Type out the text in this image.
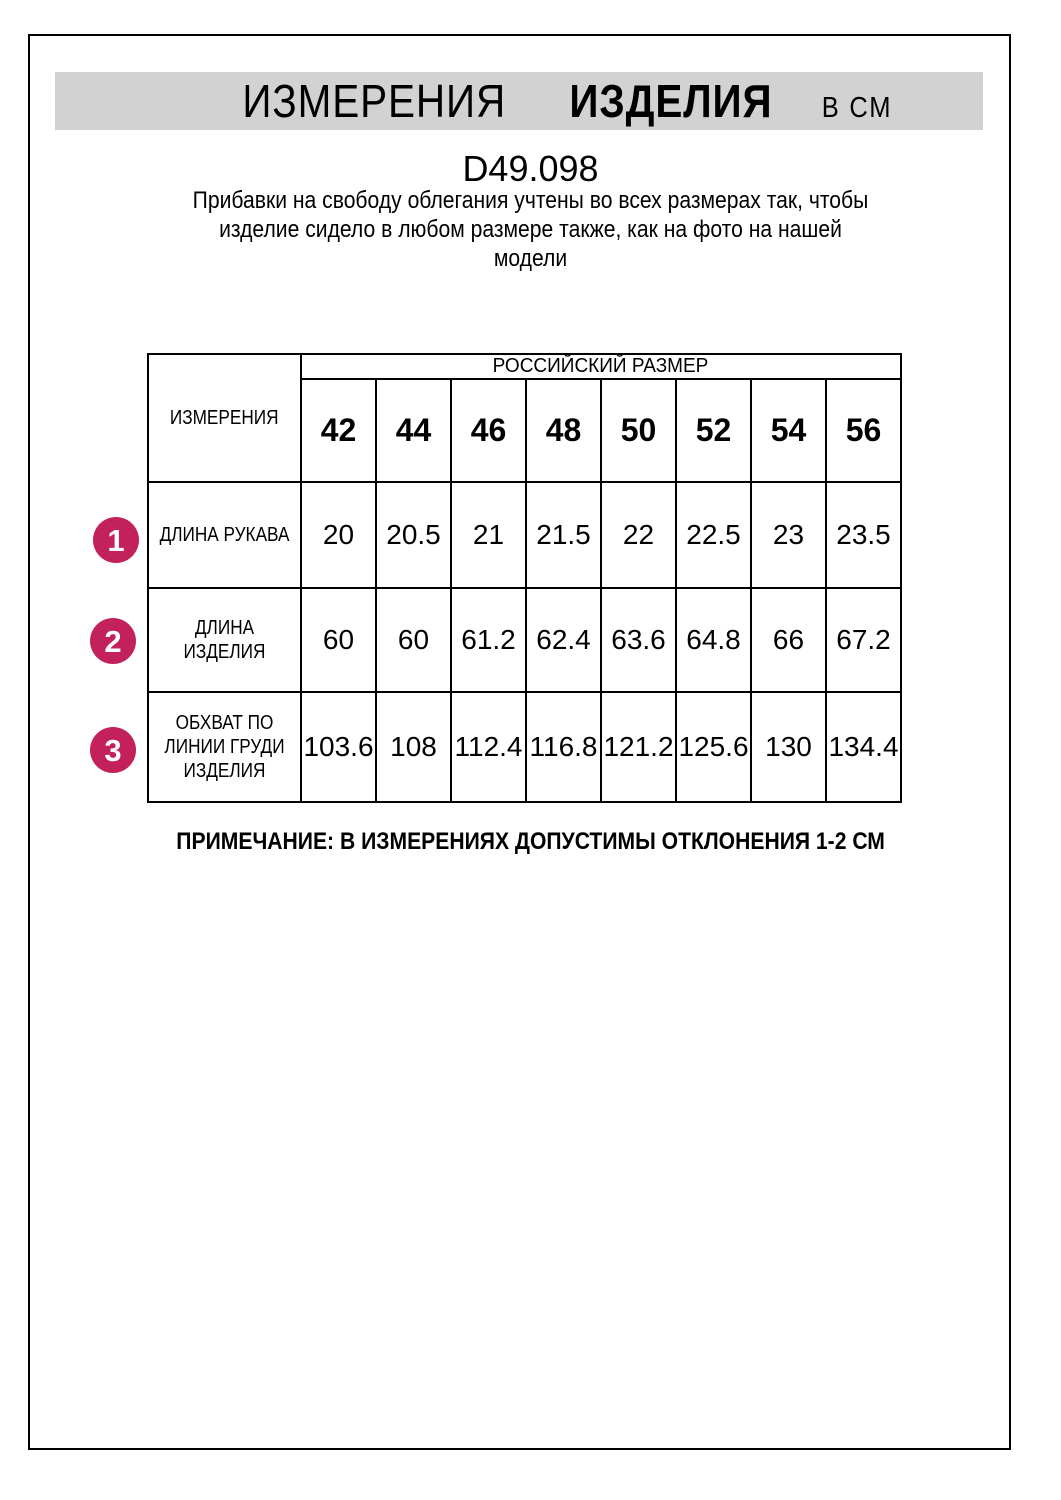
ИЗМЕРЕНИЯ ИЗДЕЛИЯ В СМ
D49.098
Прибавки на свободу облегания учтены во всех размерах так, чтобы
изделие сидело в любом размере также, как на фото на нашей
модели
ИЗМЕРЕНИЯ	РОССИЙСКИЙ РАЗМЕР							
	42	44	46	48	50	52	54	56

ДЛИНА РУКАВА	20	20.5	21	21.5	22	22.5	23	23.5

ДЛИНА
ИЗДЕЛИЯ	60	60	61.2	62.4	63.6	64.8	66	67.2

ОБХВАТ ПО
ЛИНИИ ГРУДИ
ИЗДЕЛИЯ	103.6	108	112.4	116.8	121.2	125.6	130	134.4
1
2
3
ПРИМЕЧАНИЕ: В ИЗМЕРЕНИЯХ ДОПУСТИМЫ ОТКЛОНЕНИЯ 1-2 СМ
